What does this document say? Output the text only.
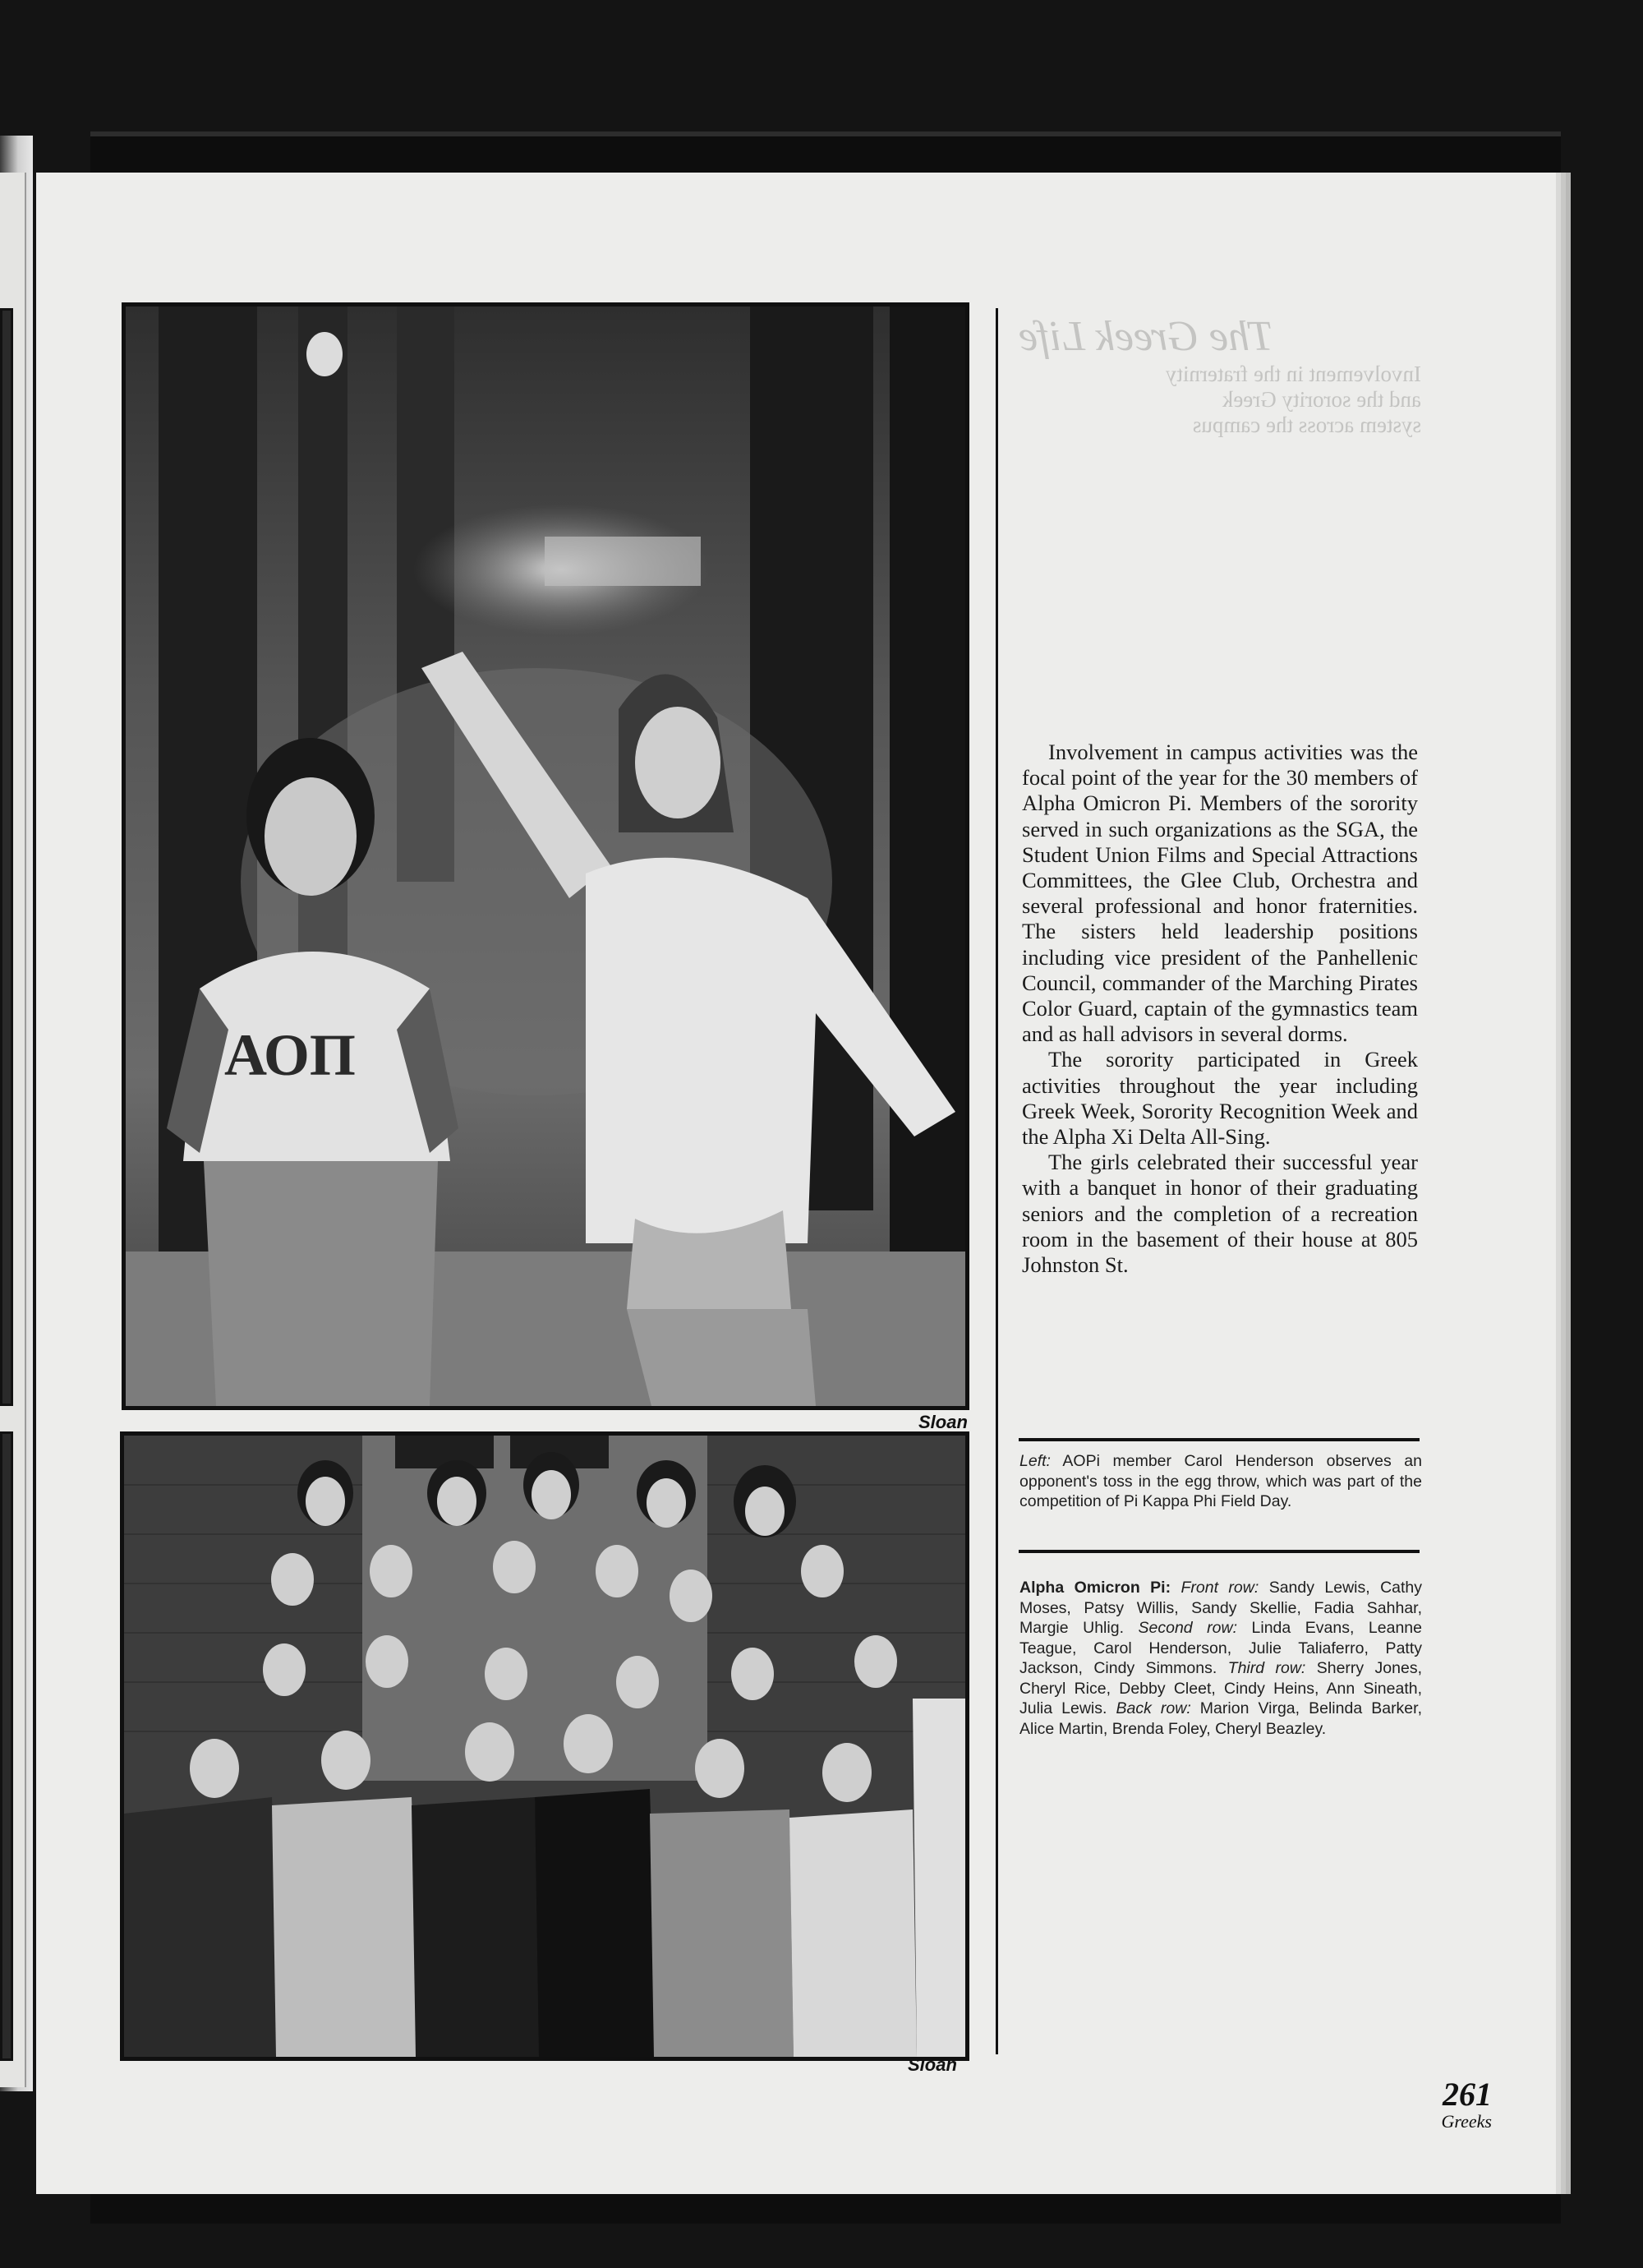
The Greek Life
Involvement in the fraternity
and the sorority Greek
system across the campus
ΑΟΠ
Sloan
Sloan

Involvement in campus activities was the focal point of the year for the 30 members of Alpha Omicron Pi. Members of the sorority served in such organizations as the SGA, the Student Union Films and Special Attractions Committees, the Glee Club, Orchestra and several professional and honor fraternities. The sisters held leadership positions including vice president of the Panhellenic Council, commander of the Marching Pirates Color Guard, captain of the gymnastics team and as hall advisors in several dorms.

The sorority participated in Greek activities throughout the year including Greek Week, Sorority Recognition Week and the Alpha Xi Delta All-Sing.

The girls celebrated their successful year with a banquet in honor of their graduating seniors and the completion of a recreation room in the basement of their house at 805 Johnston St.

Left: AOPi member Carol Henderson observes an opponent's toss in the egg throw, which was part of the competition of Pi Kappa Phi Field Day.
Alpha Omicron Pi: Front row: Sandy Lewis, Cathy Moses, Patsy Willis, Sandy Skellie, Fadia Sahhar, Margie Uhlig. Second row: Linda Evans, Leanne Teague, Carol Henderson, Julie Taliaferro, Patty Jackson, Cindy Simmons. Third row: Sherry Jones, Cheryl Rice, Debby Cleet, Cindy Heins, Ann Sineath, Julia Lewis. Back row: Marion Virga, Belinda Barker, Alice Martin, Brenda Foley, Cheryl Beazley.
261
Greeks
